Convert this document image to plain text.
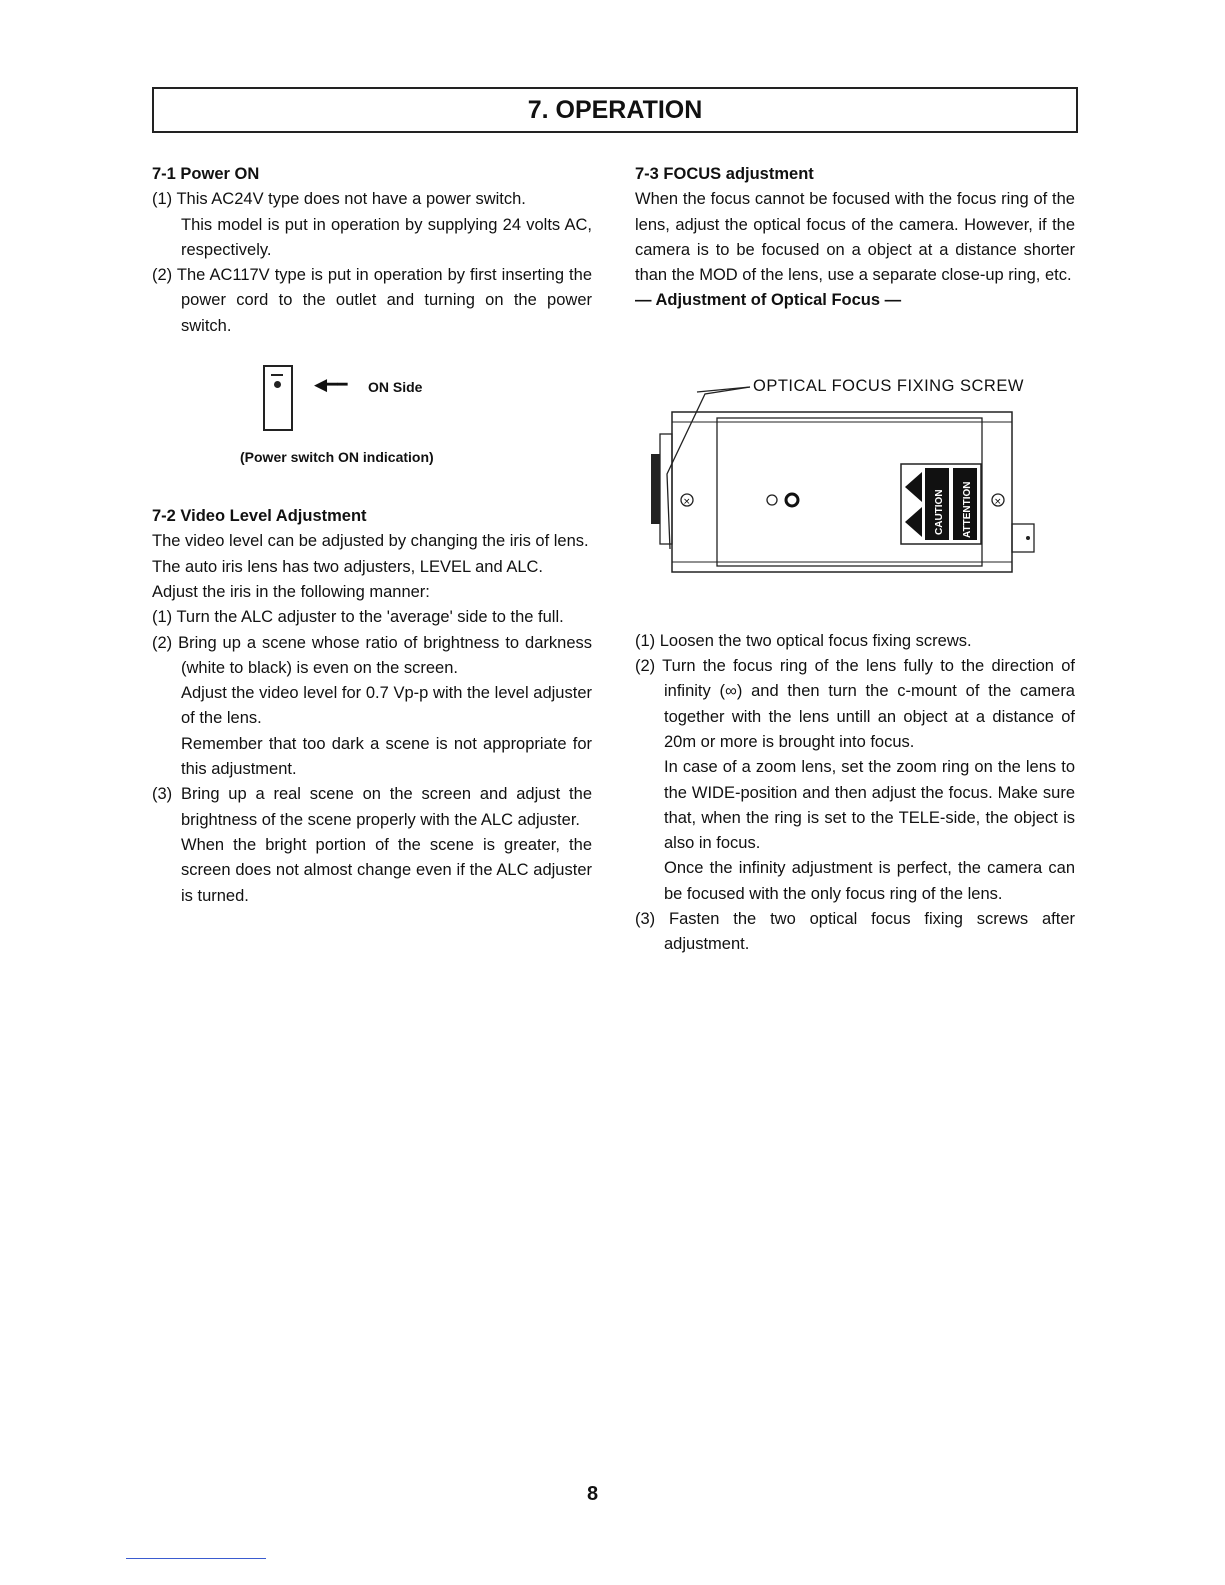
7. OPERATION

7-1 Power ON

(1) This AC24V type does not have a power switch.

This model is put in operation by supplying 24 volts AC, respectively.

(2) The AC117V type is put in operation by first inserting the power cord to the outlet and turning on the power switch.

◀━━ ON Side
(Power switch ON indication)

7-2 Video Level Adjustment

The video level can be adjusted by changing the iris of lens.

The auto iris lens has two adjusters, LEVEL and ALC.

Adjust the iris in the following manner:

(1) Turn the ALC adjuster to the 'average' side to the full.

(2) Bring up a scene whose ratio of brightness to darkness (white to black) is even on the screen.

Adjust the video level for 0.7 Vp-p with the level adjuster of the lens.

Remember that too dark a scene is not appropriate for this adjustment.

(3) Bring up a real scene on the screen and adjust the brightness of the scene properly with the ALC adjuster.

When the bright portion of the scene is greater, the screen does not almost change even if the ALC adjuster is turned.

7-3 FOCUS adjustment

When the focus cannot be focused with the focus ring of the lens, adjust the optical focus of the camera. However, if the camera is to be focused on a object at a distance shorter than the MOD of the lens, use a separate close-up ring, etc.

— Adjustment of Optical Focus —

OPTICAL FOCUS FIXING SCREW
×	×
CAUTION ATTENTION

(1) Loosen the two optical focus fixing screws.

(2) Turn the focus ring of the lens fully to the direction of infinity (∞) and then turn the c-mount of the camera together with the lens untill an object at a distance of 20m or more is brought into focus.

In case of a zoom lens, set the zoom ring on the lens to the WIDE-position and then adjust the focus. Make sure that, when the ring is set to the TELE-side, the object is also in focus.

Once the infinity adjustment is perfect, the camera can be focused with the only focus ring of the lens.

(3) Fasten the two optical focus fixing screws after adjustment.

8
